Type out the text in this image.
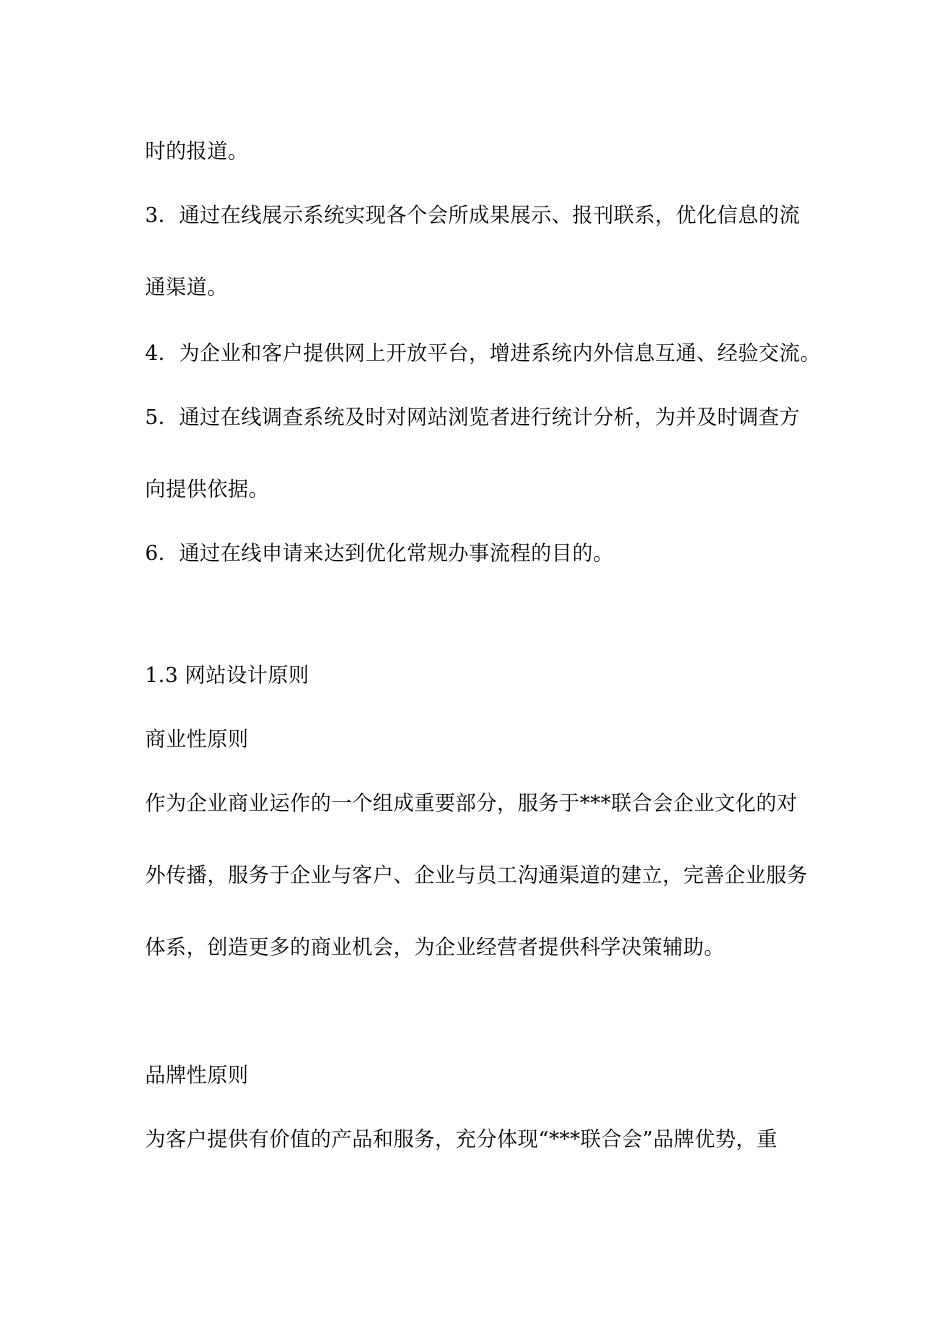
时的报道。
3．通过在线展示系统实现各个会所成果展示、报刊联系，优化信息的流
通渠道。
4．为企业和客户提供网上开放平台，增进系统内外信息互通、经验交流。
5．通过在线调查系统及时对网站浏览者进行统计分析，为并及时调查方
向提供依据。
6．通过在线申请来达到优化常规办事流程的目的。
1.3 网站设计原则
商业性原则
作为企业商业运作的一个组成重要部分，服务于***联合会企业文化的对
外传播，服务于企业与客户、企业与员工沟通渠道的建立，完善企业服务
体系，创造更多的商业机会，为企业经营者提供科学决策辅助。
品牌性原则
为客户提供有价值的产品和服务，充分体现“***联合会”品牌优势，重
